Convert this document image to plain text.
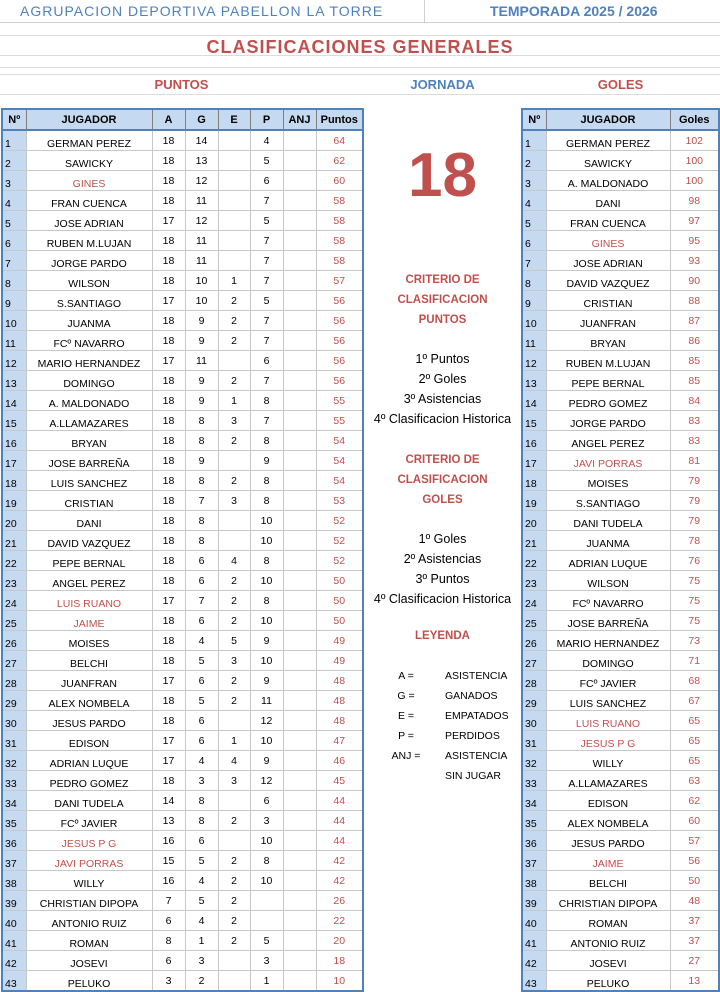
AGRUPACION DEPORTIVA PABELLON LA TORRE	TEMPORADA 2025 / 2026
CLASIFICACIONES GENERALES
PUNTOS	JORNADA	GOLES
Nº	JUGADOR	A	G	E	P	ANJ	Puntos
1	GERMAN PEREZ	18	14		4		64
2	SAWICKY	18	13		5		62
3	GINES	18	12		6		60
4	FRAN CUENCA	18	11		7		58
5	JOSE ADRIAN	17	12		5		58
6	RUBEN M.LUJAN	18	11		7		58
7	JORGE PARDO	18	11		7		58
8	WILSON	18	10	1	7		57
9	S.SANTIAGO	17	10	2	5		56
10	JUANMA	18	9	2	7		56
11	FCº NAVARRO	18	9	2	7		56
12	MARIO HERNANDEZ	17	11		6		56
13	DOMINGO	18	9	2	7		56
14	A. MALDONADO	18	9	1	8		55
15	A.LLAMAZARES	18	8	3	7		55
16	BRYAN	18	8	2	8		54
17	JOSE BARREÑA	18	9		9		54
18	LUIS SANCHEZ	18	8	2	8		54
19	CRISTIAN	18	7	3	8		53
20	DANI	18	8		10		52
21	DAVID VAZQUEZ	18	8		10		52
22	PEPE BERNAL	18	6	4	8		52
23	ANGEL PEREZ	18	6	2	10		50
24	LUIS RUANO	17	7	2	8		50
25	JAIME	18	6	2	10		50
26	MOISES	18	4	5	9		49
27	BELCHI	18	5	3	10		49
28	JUANFRAN	17	6	2	9		48
29	ALEX NOMBELA	18	5	2	11		48
30	JESUS PARDO	18	6		12		48
31	EDISON	17	6	1	10		47
32	ADRIAN LUQUE	17	4	4	9		46
33	PEDRO GOMEZ	18	3	3	12		45
34	DANI TUDELA	14	8		6		44
35	FCº JAVIER	13	8	2	3		44
36	JESUS P G	16	6		10		44
37	JAVI PORRAS	15	5	2	8		42
38	WILLY	16	4	2	10		42
39	CHRISTIAN DIPOPA	7	5	2			26
40	ANTONIO RUIZ	6	4	2			22
41	ROMAN	8	1	2	5		20
42	JOSEVI	6	3		3		18
43	PELUKO	3	2		1		10
Nº	JUGADOR	Goles
1	GERMAN PEREZ	102
2	SAWICKY	100
3	A. MALDONADO	100
4	DANI	98
5	FRAN CUENCA	97
6	GINES	95
7	JOSE ADRIAN	93
8	DAVID VAZQUEZ	90
9	CRISTIAN	88
10	JUANFRAN	87
11	BRYAN	86
12	RUBEN M.LUJAN	85
13	PEPE BERNAL	85
14	PEDRO GOMEZ	84
15	JORGE PARDO	83
16	ANGEL PEREZ	83
17	JAVI PORRAS	81
18	MOISES	79
19	S.SANTIAGO	79
20	DANI TUDELA	79
21	JUANMA	78
22	ADRIAN LUQUE	76
23	WILSON	75
24	FCº NAVARRO	75
25	JOSE BARREÑA	75
26	MARIO HERNANDEZ	73
27	DOMINGO	71
28	FCº JAVIER	68
29	LUIS SANCHEZ	67
30	LUIS RUANO	65
31	JESUS P G	65
32	WILLY	65
33	A.LLAMAZARES	63
34	EDISON	62
35	ALEX NOMBELA	60
36	JESUS PARDO	57
37	JAIME	56
38	BELCHI	50
39	CHRISTIAN DIPOPA	48
40	ROMAN	37
41	ANTONIO RUIZ	37
42	JOSEVI	27
43	PELUKO	13
18
CRITERIO DE
CLASIFICACION
PUNTOS
1º Puntos
2º Goles
3º Asistencias
4º Clasificacion Historica
CRITERIO DE
CLASIFICACION
GOLES
1º Goles
2º Asistencias
3º Puntos
4º Clasificacion Historica
LEYENDA
A =	ASISTENCIA
G =	GANADOS
E =	EMPATADOS
P =	PERDIDOS
ANJ =	ASISTENCIA
SIN JUGAR
